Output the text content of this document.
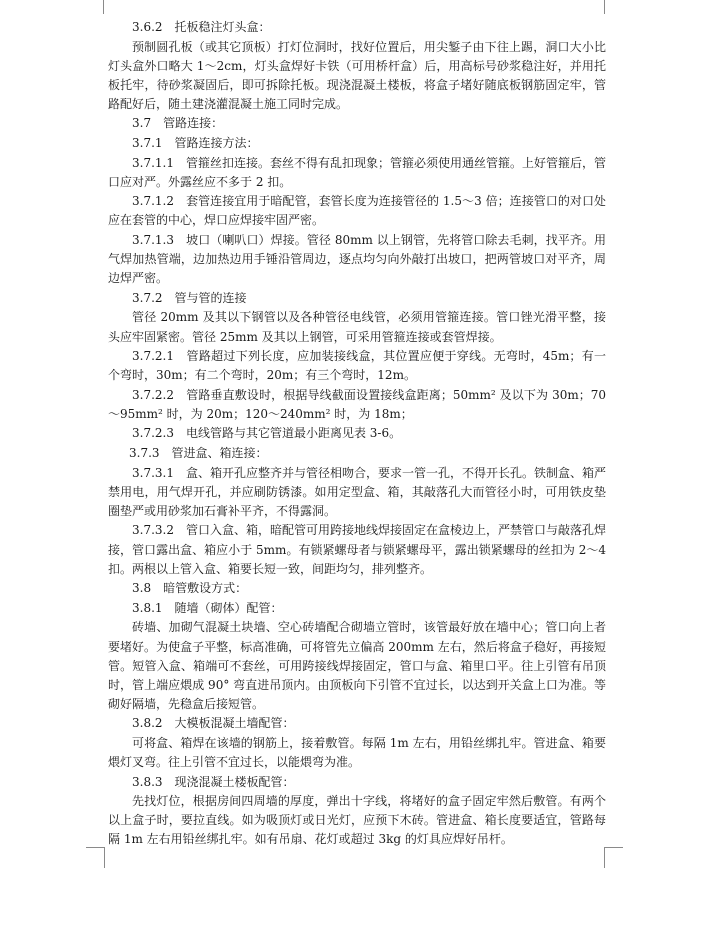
3.6.2　托板稳注灯头盒：

预制圆孔板（或其它顶板）打灯位洞时，找好位置后，用尖錾子由下往上踢，洞口大小比灯头盒外口略大 1～2cm，灯头盒焊好卡铁（可用桥杆盒）后，用高标号砂浆稳注好，并用托板托牢，待砂浆凝固后，即可拆除托板。现浇混凝土楼板，将盒子堵好随底板钢筋固定牢，管路配好后，随土建浇灌混凝土施工同时完成。

3.7　管路连接：

3.7.1　管路连接方法：

3.7.1.1　管箍丝扣连接。套丝不得有乱扣现象；管箍必须使用通丝管箍。上好管箍后，管口应对严。外露丝应不多于 2 扣。

3.7.1.2　套管连接宜用于暗配管，套管长度为连接管径的 1.5～3 倍；连接管口的对口处应在套管的中心，焊口应焊接牢固严密。

3.7.1.3　坡口（喇叭口）焊接。管径 80mm 以上钢管，先将管口除去毛刺，找平齐。用气焊加热管端，边加热边用手锤沿管周边，逐点均匀向外敲打出坡口，把两管坡口对平齐，周边焊严密。

3.7.2　管与管的连接

管径 20mm 及其以下钢管以及各种管径电线管，必须用管箍连接。管口锉光滑平整，接头应牢固紧密。管径 25mm 及其以上钢管，可采用管箍连接或套管焊接。

3.7.2.1　管路超过下列长度，应加装接线盒，其位置应便于穿线。无弯时，45m；有一个弯时，30m；有二个弯时，20m；有三个弯时，12m。

3.7.2.2　管路垂直敷设时，根据导线截面设置接线盒距离；50mm² 及以下为 30m；70～95mm² 时，为 20m；120～240mm² 时，为 18m；

3.7.2.3　电线管路与其它管道最小距离见表 3-6。

3.7.3　管进盒、箱连接：

3.7.3.1　盒、箱开孔应整齐并与管径相吻合，要求一管一孔，不得开长孔。铁制盒、箱严禁用电，用气焊开孔，并应刷防锈漆。如用定型盒、箱，其敲落孔大而管径小时，可用铁皮垫圈垫严或用砂浆加石膏补平齐，不得露洞。

3.7.3.2　管口入盒、箱，暗配管可用跨接地线焊接固定在盒棱边上，严禁管口与敲落孔焊接，管口露出盒、箱应小于 5mm。有锁紧螺母者与锁紧螺母平，露出锁紧螺母的丝扣为 2～4 扣。两根以上管入盒、箱要长短一致，间距均匀，排列整齐。

3.8　暗管敷设方式：

3.8.1　随墙（砌体）配管：

砖墙、加砌气混凝土块墙、空心砖墙配合砌墙立管时，该管最好放在墙中心；管口向上者要堵好。为使盒子平整，标高准确，可将管先立偏高 200mm 左右，然后将盒子稳好，再接短管。短管入盒、箱端可不套丝，可用跨接线焊接固定，管口与盒、箱里口平。往上引管有吊顶时，管上端应煨成 90° 弯直进吊顶内。由顶板向下引管不宜过长，以达到开关盒上口为准。等砌好隔墙，先稳盒后接短管。

3.8.2　大模板混凝土墙配管：

可将盒、箱焊在该墙的钢筋上，接着敷管。每隔 1m 左右，用铅丝绑扎牢。管进盒、箱要煨灯叉弯。往上引管不宜过长，以能煨弯为准。

3.8.3　现浇混凝土楼板配管：

先找灯位，根据房间四周墙的厚度，弹出十字线，将堵好的盒子固定牢然后敷管。有两个以上盒子时，要拉直线。如为吸顶灯或日光灯，应预下木砖。管进盒、箱长度要适宜，管路每隔 1m 左右用铅丝绑扎牢。如有吊扇、花灯或超过 3kg 的灯具应焊好吊杆。
